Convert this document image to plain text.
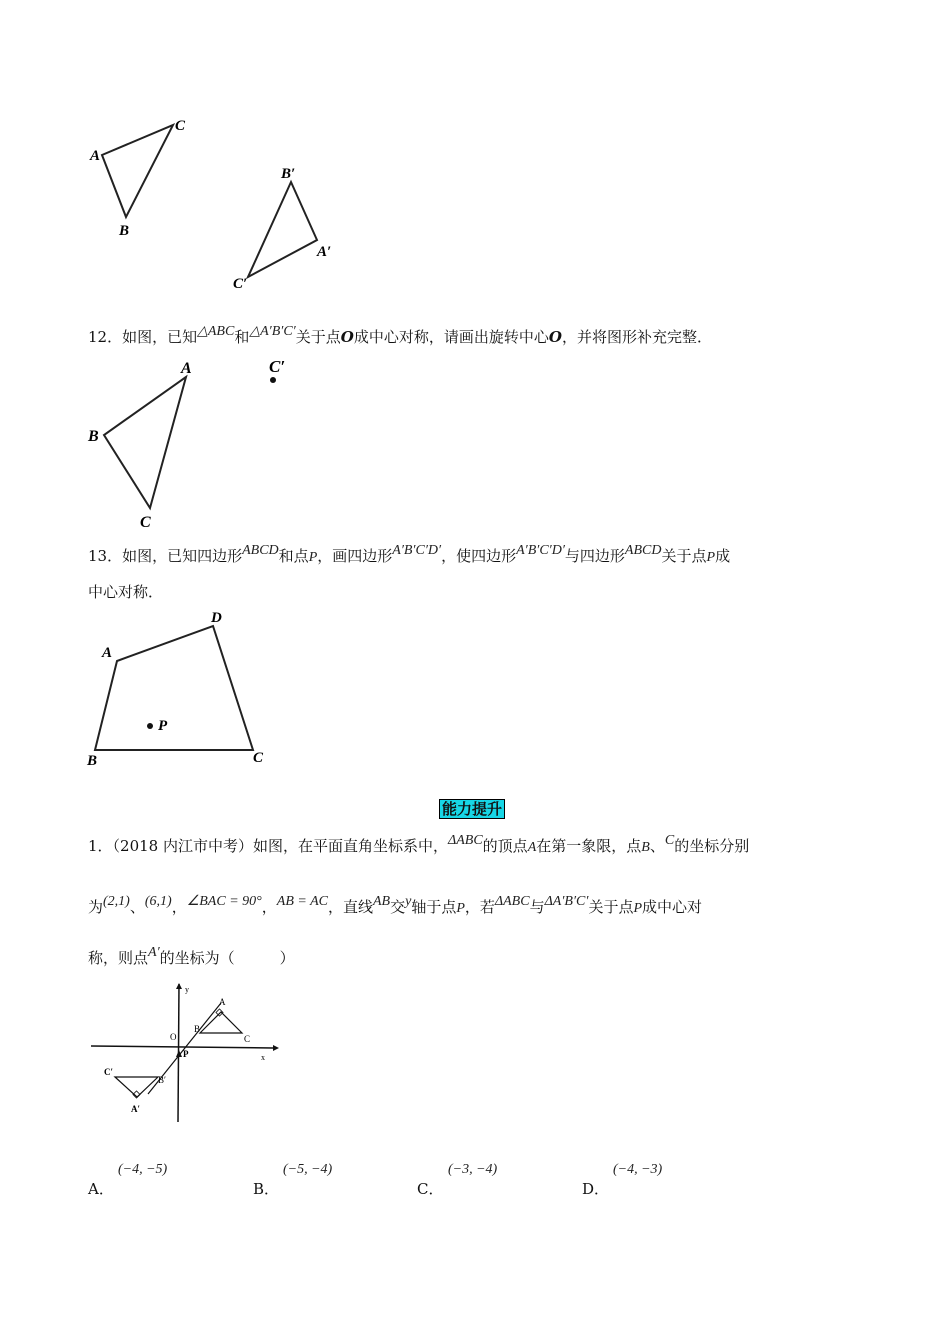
A
C
B
B′
A′
C′
12．如图，已知△ABC和△A′B′C′关于点O成中心对称，请画出旋转中心O，并将图形补充完整．
A
B
C
C′
13．如图，已知四边形ABCD和点P，画四边形A′B′C′D′，使四边形A′B′C′D′与四边形ABCD关于点P成
中心对称．
A
D
C
B
P
能力提升
1．（2018 内江市中考）如图，在平面直角坐标系中，ΔABC的顶点A在第一象限，点B、C的坐标分别
为(2,1)、(6,1)，∠BAC = 90°，AB = AC，直线AB交y轴于点P，若ΔABC与ΔA′B′C′关于点P成中心对
称，则点A′的坐标为（　　　）
y
x
O
A
B
C
P
C′
B′
A′
A．
(−4, −5)
B．
(−5, −4)
C．
(−3, −4)
D．
(−4, −3)
